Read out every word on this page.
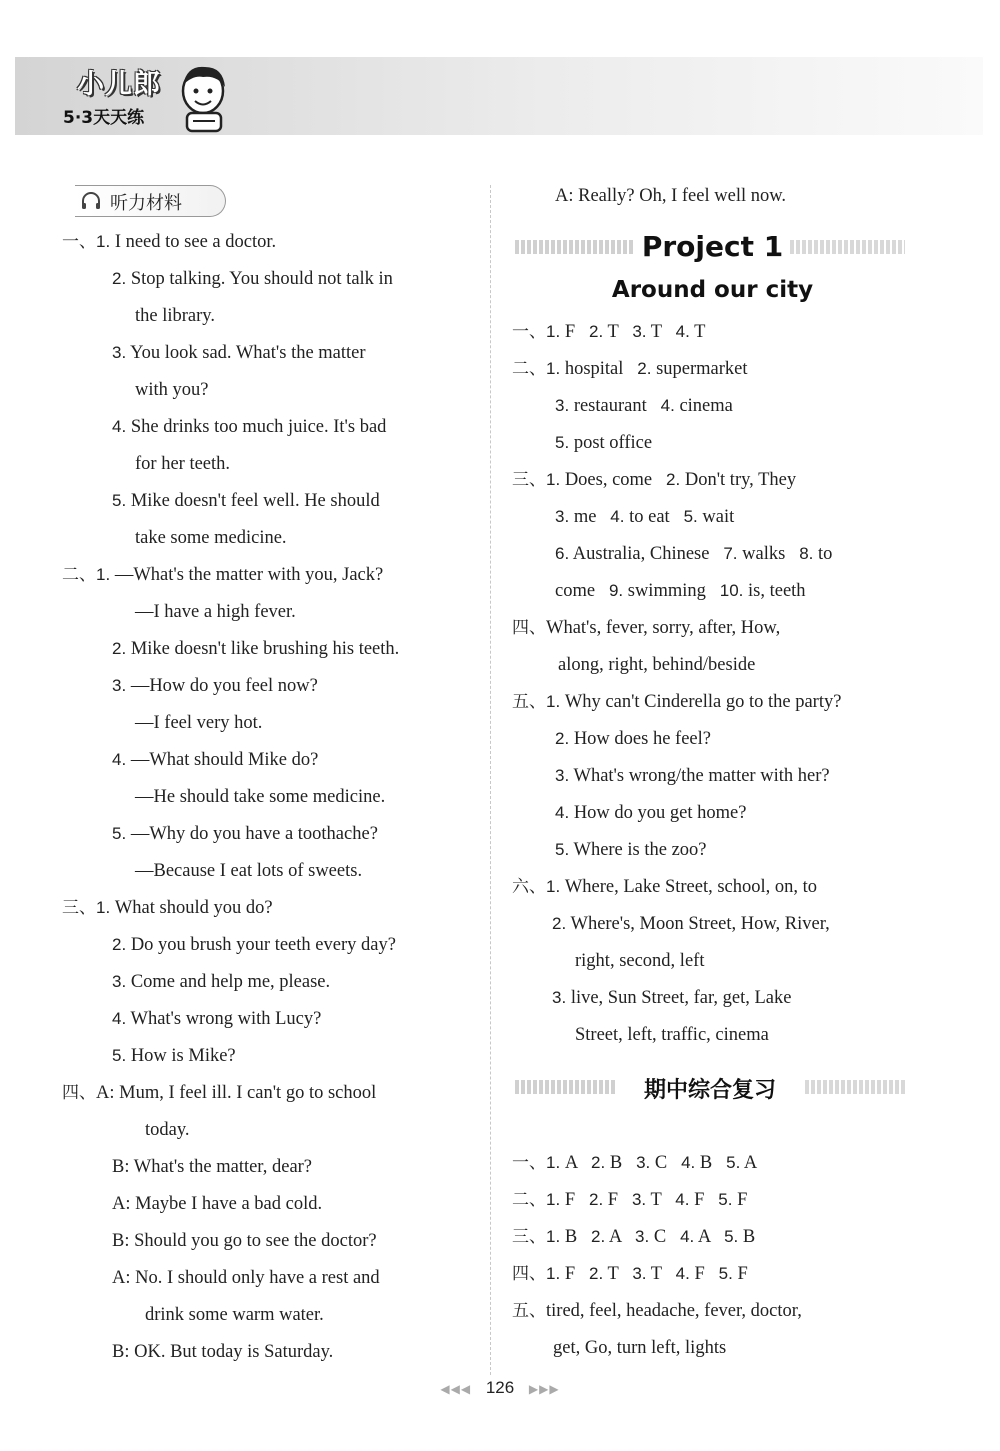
小儿郎
5·3天天练
听力材料
一、1. I need to see a doctor.
2. Stop talking. You should not talk in
the library.
3. You look sad. What's the matter
with you?
4. She drinks too much juice. It's bad
for her teeth.
5. Mike doesn't feel well. He should
take some medicine.
二、1. —What's the matter with you, Jack?
—I have a high fever.
2. Mike doesn't like brushing his teeth.
3. —How do you feel now?
—I feel very hot.
4. —What should Mike do?
—He should take some medicine.
5. —Why do you have a toothache?
—Because I eat lots of sweets.
三、1. What should you do?
2. Do you brush your teeth every day?
3. Come and help me, please.
4. What's wrong with Lucy?
5. How is Mike?
四、A: Mum, I feel ill. I can't go to school
today.
B: What's the matter, dear?
A: Maybe I have a bad cold.
B: Should you go to see the doctor?
A: No. I should only have a rest and
drink some warm water.
B: OK. But today is Saturday.
A: Really? Oh, I feel well now.
Project 1
Around our city
一、1. F   2. T   3. T   4. T
二、1. hospital   2. supermarket
3. restaurant   4. cinema
5. post office
三、1. Does, come   2. Don't try, They
3. me   4. to eat   5. wait
6. Australia, Chinese   7. walks   8. to
come   9. swimming   10. is, teeth
四、What's, fever, sorry, after, How,
along, right, behind/beside
五、1. Why can't Cinderella go to the party?
2. How does he feel?
3. What's wrong/the matter with her?
4. How do you get home?
5. Where is the zoo?
六、1. Where, Lake Street, school, on, to
2. Where's, Moon Street, How, River,
right, second, left
3. live, Sun Street, far, get, Lake
Street, left, traffic, cinema
期中综合复习
一、1. A   2. B   3. C   4. B   5. A
二、1. F   2. F   3. T   4. F   5. F
三、1. B   2. A   3. C   4. A   5. B
四、1. F   2. T   3. T   4. F   5. F
五、tired, feel, headache, fever, doctor,
get, Go, turn left, lights
◀◀◀ 126 ▶▶▶
